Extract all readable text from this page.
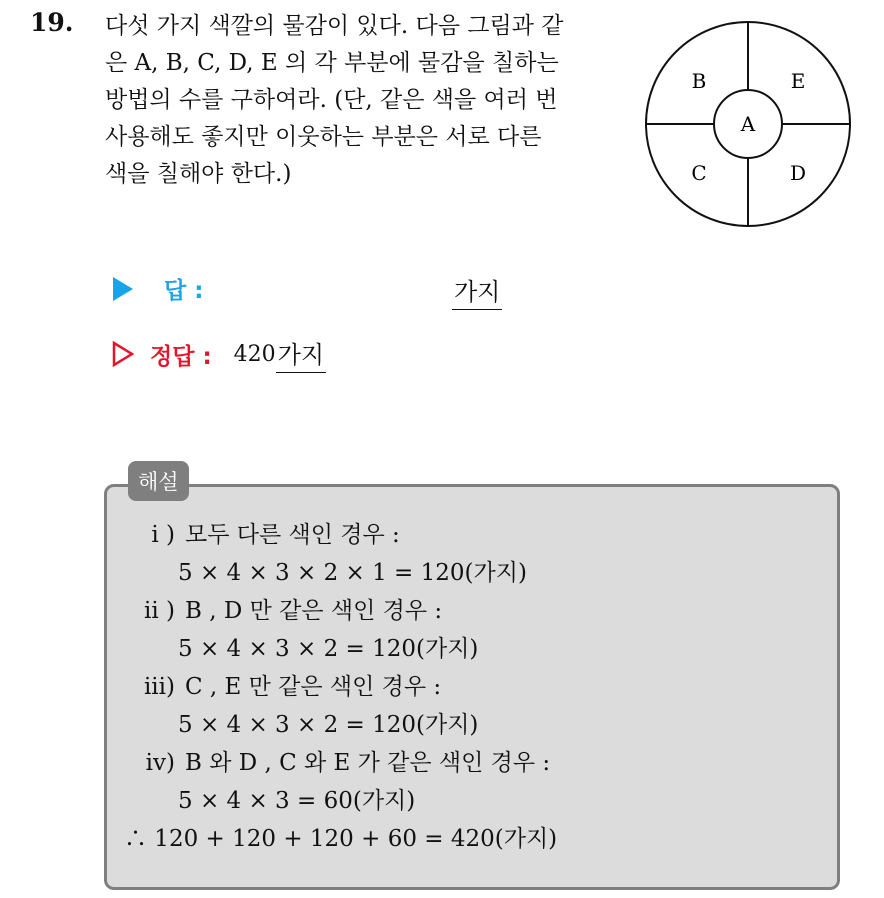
19. 다섯 가지 색깔의 물감이 있다. 다음 그림과 같
은 A, B, C, D, E 의 각 부분에 물감을 칠하는
방법의 수를 구하여라. (단, 같은 색을 여러 번
사용해도 좋지만 이웃하는 부분은 서로 다른
색을 칠해야 한다.)
A
B	E
C	D
답 :	가지
정답 : 420 가지
해설
i ) 모두 다른 색인 경우 :
5 × 4 × 3 × 2 × 1 = 120(가지)
ii ) B , D 만 같은 색인 경우 :
5 × 4 × 3 × 2 = 120(가지)
iii) C , E 만 같은 색인 경우 :
5 × 4 × 3 × 2 = 120(가지)
iv) B 와 D , C 와 E 가 같은 색인 경우 :
5 × 4 × 3 = 60(가지)
∴ 120 + 120 + 120 + 60 = 420(가지)
